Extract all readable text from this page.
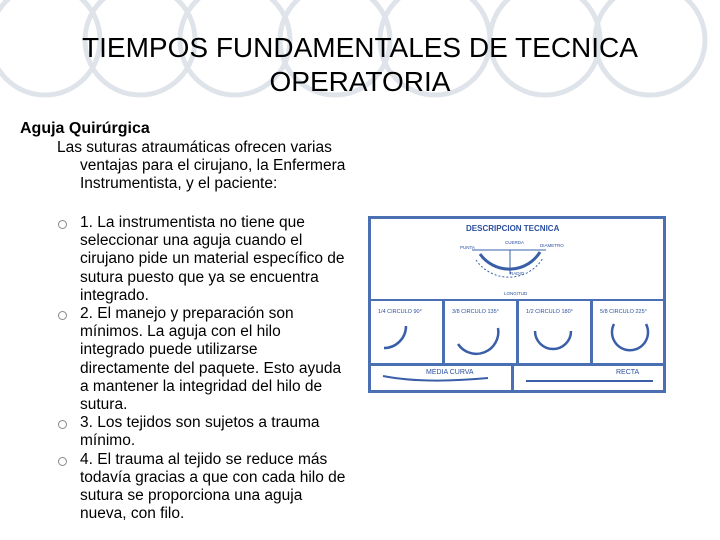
TIEMPOS FUNDAMENTALES DE TECNICA
OPERATORIA
Aguja Quirúrgica
Las suturas atraumáticas ofrecen varias ventajas para el cirujano, la Enfermera Instrumentista, y el paciente:
1. La instrumentista no tiene que seleccionar una aguja cuando el cirujano pide un material específico de sutura puesto que ya se encuentra integrado.
2. El manejo y preparación son mínimos. La aguja con el hilo integrado puede utilizarse directamente del paquete. Esto ayuda a mantener la integridad del hilo de sutura.
3. Los tejidos son sujetos a trauma mínimo.
4. El trauma al tejido se reduce más todavía gracias a que con cada hilo de sutura se proporciona una aguja nueva, con filo.
DESCRIPCION TECNICA
PUNTA
CUERDA
DIAMETRO
RADIO
LONGITUD
1/4 CIRCULO 90°	3/8 CIRCULO 135°	1/2 CIRCULO 180°	5/8 CIRCULO 225°
MEDIA CURVA	RECTA
